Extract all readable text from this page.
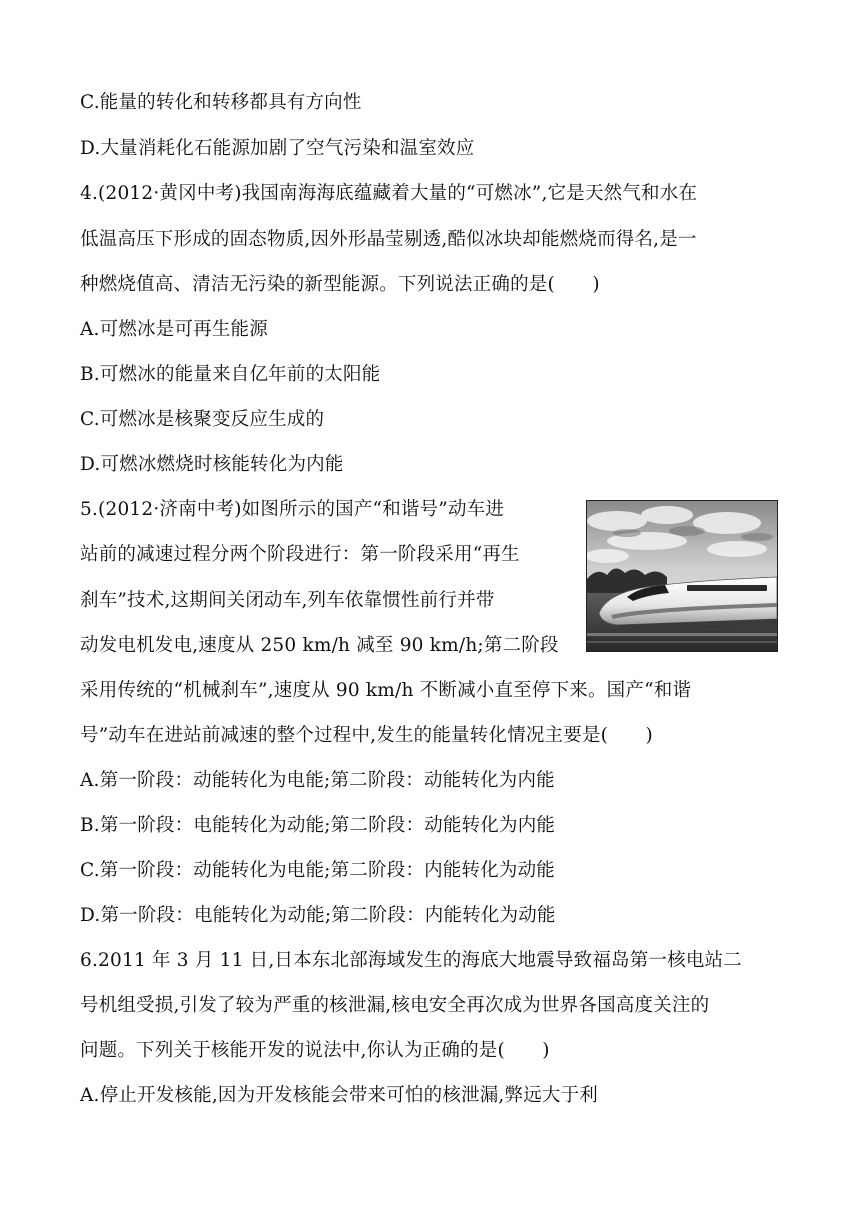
C.能量的转化和转移都具有方向性
D.大量消耗化石能源加剧了空气污染和温室效应
4.(2012·黄冈中考)我国南海海底蕴藏着大量的“可燃冰”,它是天然气和水在
低温高压下形成的固态物质,因外形晶莹剔透,酷似冰块却能燃烧而得名,是一
种燃烧值高、清洁无污染的新型能源。下列说法正确的是(　　)
A.可燃冰是可再生能源
B.可燃冰的能量来自亿年前的太阳能
C.可燃冰是核聚变反应生成的
D.可燃冰燃烧时核能转化为内能
5.(2012·济南中考)如图所示的国产“和谐号”动车进
站前的减速过程分两个阶段进行：第一阶段采用“再生
刹车”技术,这期间关闭动车,列车依靠惯性前行并带
动发电机发电,速度从 250 km/h 减至 90 km/h;第二阶段
采用传统的“机械刹车”,速度从 90 km/h 不断减小直至停下来。国产“和谐
号”动车在进站前减速的整个过程中,发生的能量转化情况主要是(　　)
A.第一阶段：动能转化为电能;第二阶段：动能转化为内能
B.第一阶段：电能转化为动能;第二阶段：动能转化为内能
C.第一阶段：动能转化为电能;第二阶段：内能转化为动能
D.第一阶段：电能转化为动能;第二阶段：内能转化为动能
6.2011 年 3 月 11 日,日本东北部海域发生的海底大地震导致福岛第一核电站二
号机组受损,引发了较为严重的核泄漏,核电安全再次成为世界各国高度关注的
问题。下列关于核能开发的说法中,你认为正确的是(　　)
A.停止开发核能,因为开发核能会带来可怕的核泄漏,弊远大于利
